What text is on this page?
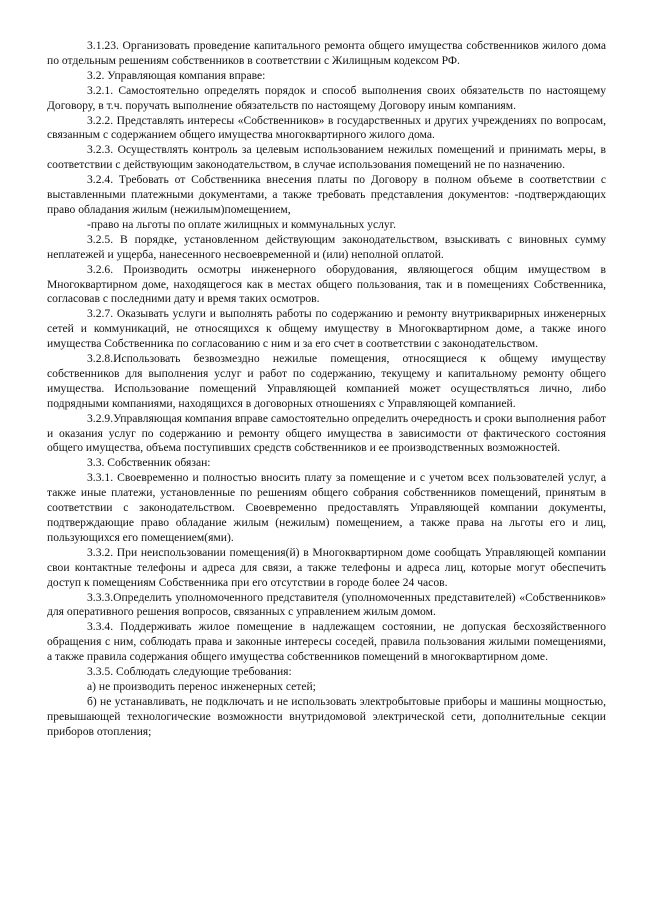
3.1.23. Организовать проведение капитального ремонта общего имущества собственников жилого дома по отдельным решениям собственников в соответствии с Жилищным кодексом РФ.

3.2. Управляющая компания вправе:

3.2.1. Самостоятельно определять порядок и способ выполнения своих обязательств по настоящему Договору, в т.ч. поручать выполнение обязательств по настоящему Договору иным компаниям.

3.2.2. Представлять интересы «Собственников» в государственных и других учреждениях по вопросам, связанным с содержанием общего имущества многоквартирного жилого дома.

3.2.3. Осуществлять контроль за целевым использованием нежилых помещений и принимать меры, в соответствии с действующим законодательством, в случае использования помещений не по назначению.

3.2.4. Требовать от Собственника внесения платы по Договору в полном объеме в соответствии с выставленными платежными документами, а также требовать представления документов: -подтверждающих право обладания жилым (нежилым)помещением,

-право на льготы по оплате жилищных и коммунальных услуг.

3.2.5. В порядке, установленном действующим законодательством, взыскивать с виновных сумму неплатежей и ущерба, нанесенного несвоевременной и (или) неполной оплатой.

3.2.6. Производить осмотры инженерного оборудования, являющегося общим имуществом в Многоквартирном доме, находящегося как в местах общего пользования, так и в помещениях Собственника, согласовав с последними дату и время таких осмотров.

3.2.7. Оказывать услуги и выполнять работы по содержанию и ремонту внутрикварирных инженерных сетей и коммуникаций, не относящихся к общему имуществу в Многоквартирном доме, а также иного имущества Собственника по согласованию с ним и за его счет в соответствии с законодательством.

3.2.8.Использовать безвозмездно нежилые помещения, относящиеся к общему имуществу собственников для выполнения услуг и работ по содержанию, текущему и капитальному ремонту общего имущества. Использование помещений Управляющей компанией может осуществляться лично, либо подрядными компаниями, находящихся в договорных отношениях с Управляющей компанией.

3.2.9.Управляющая компания вправе самостоятельно определить очередность и сроки выполнения работ и оказания услуг по содержанию и ремонту общего имущества в зависимости от фактического состояния общего имущества, объема поступивших средств собственников и ее производственных возможностей.

3.3. Собственник обязан:

3.3.1. Своевременно и полностью вносить плату за помещение и с учетом всех пользователей услуг, а также иные платежи, установленные по решениям общего собрания собственников помещений, принятым в соответствии с законодательством. Своевременно предоставлять Управляющей компании документы, подтверждающие право обладание жилым (нежилым) помещением, а также права на льготы его и лиц, пользующихся его помещением(ями).

3.3.2. При неиспользовании помещения(й) в Многоквартирном доме сообщать Управляющей компании свои контактные телефоны и адреса для связи, а также телефоны и адреса лиц, которые могут обеспечить доступ к помещениям Собственника при его отсутствии в городе более 24 часов.

3.3.3.Определить уполномоченного представителя (уполномоченных представителей) «Собственников» для оперативного решения вопросов, связанных с управлением жилым домом.

3.3.4. Поддерживать жилое помещение в надлежащем состоянии, не допуская бесхозяйственного обращения с ним, соблюдать права и законные интересы соседей, правила пользования жилыми помещениями, а также правила содержания общего имущества собственников помещений в многоквартирном доме.

3.3.5. Соблюдать следующие требования:

а) не производить перенос инженерных сетей;

б) не устанавливать, не подключать и не использовать электробытовые приборы и машины мощностью, превышающей технологические возможности внутридомовой электрической сети, дополнительные секции приборов отопления;
